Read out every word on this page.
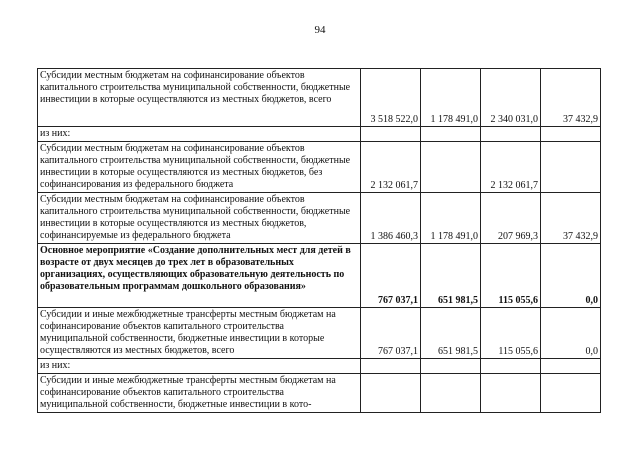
94
Субсидии местным бюджетам на софинансирование объектов капитального строительства муниципальной собственности, бюджетные инвестиции в которые осуществляются из местных бюджетов, всего	3 518 522,0	1 178 491,0	2 340 031,0	37 432,9
из них:				
Субсидии местным бюджетам на софинансирование объектов капитального строительства муниципальной собственности, бюджетные инвестиции в которые осуществляются из местных бюджетов, без софинансирования из федерального бюджета	2 132 061,7		2 132 061,7	
Субсидии местным бюджетам на софинансирование объектов капитального строительства муниципальной собственности, бюджетные инвестиции в которые осуществляются из местных бюджетов, софинансируемые из федерального бюджета	1 386 460,3	1 178 491,0	207 969,3	37 432,9
Основное мероприятие «Создание дополнительных мест для детей в возрасте от двух месяцев до трех лет в образовательных организациях, осуществляющих образовательную деятельность по образовательным программам дошкольного образования»	767 037,1	651 981,5	115 055,6	0,0
Субсидии и иные межбюджетные трансферты местным бюджетам на софинансирование объектов капитального строительства муниципальной собственности, бюджетные инвестиции в которые осуществляются из местных бюджетов, всего	767 037,1	651 981,5	115 055,6	0,0
из них:				
Субсидии и иные межбюджетные трансферты местным бюджетам на софинансирование объектов капитального строительства муниципальной собственности, бюджетные инвестиции в кото-				
